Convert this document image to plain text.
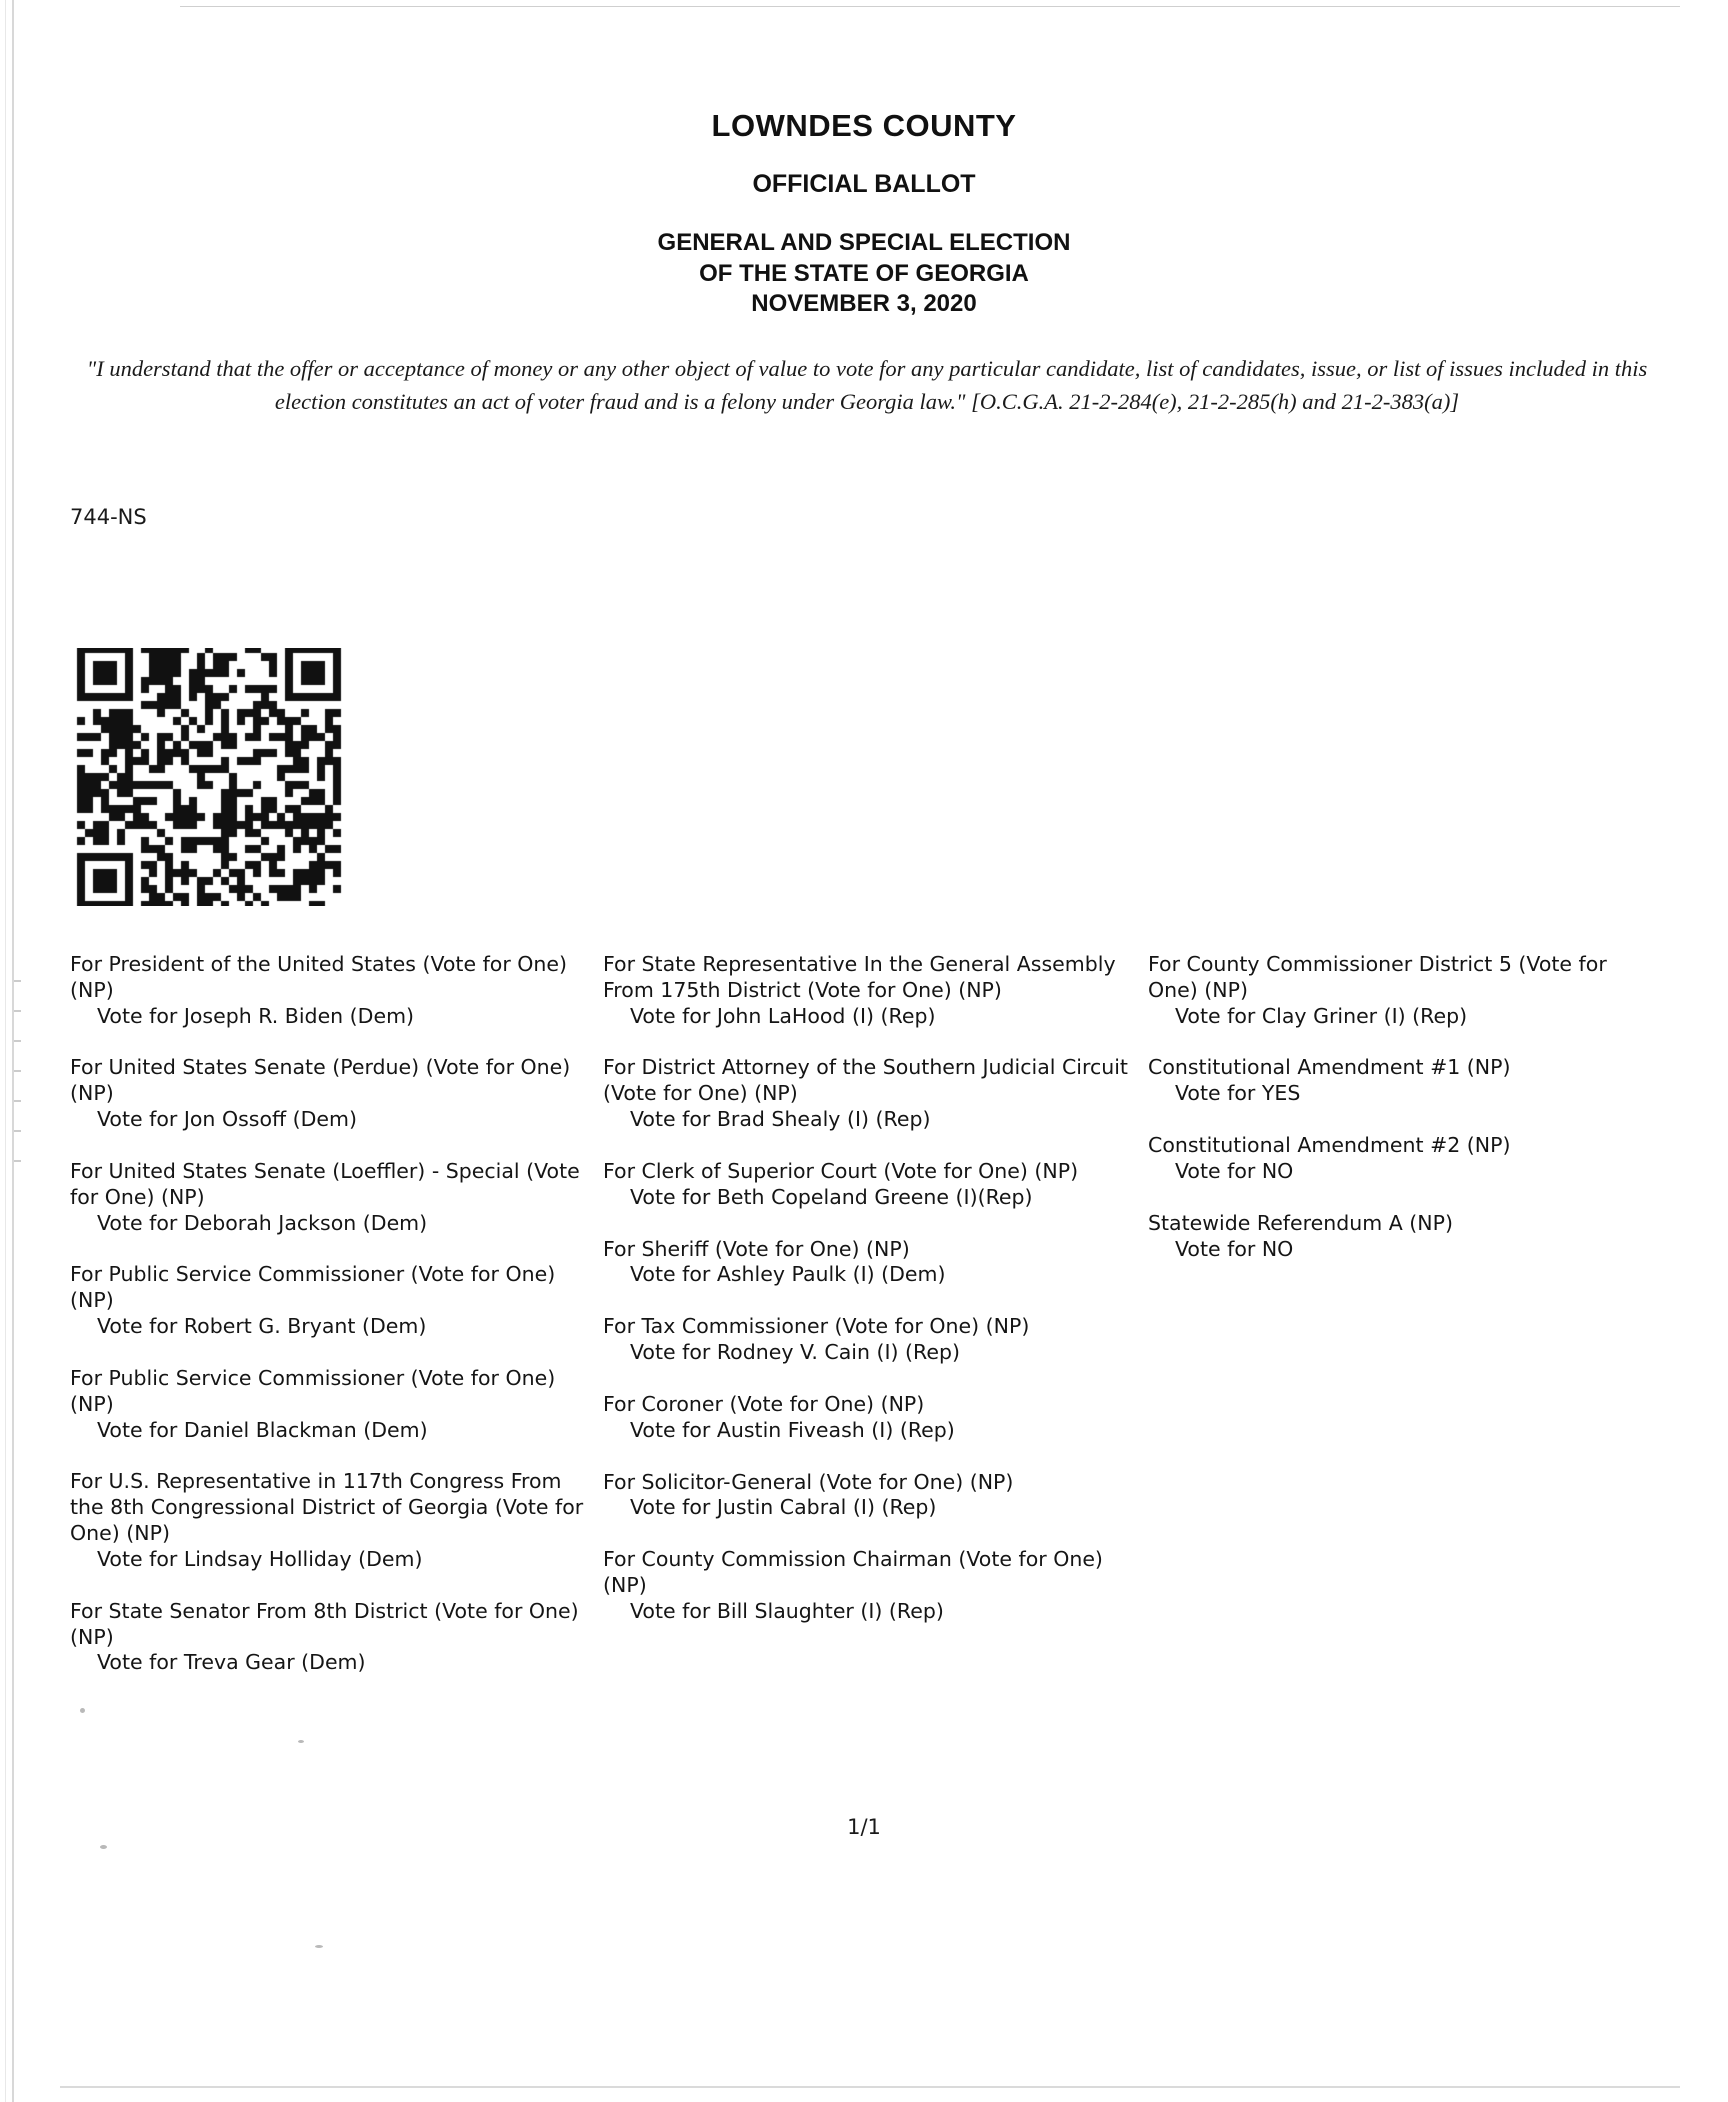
LOWNDES COUNTY
OFFICIAL BALLOT
GENERAL AND SPECIAL ELECTION
OF THE STATE OF GEORGIA
NOVEMBER 3, 2020
"I understand that the offer or acceptance of money or any other object of value to vote for any particular candidate, list of candidates, issue, or list of issues included in this election constitutes an act of voter fraud and is a felony under Georgia law." [O.C.G.A. 21-2-284(e), 21-2-285(h) and 21-2-383(a)]
744-NS
For President of the United States (Vote for One) (NP)
Vote for Joseph R. Biden (Dem)
For United States Senate (Perdue) (Vote for One) (NP)
Vote for Jon Ossoff (Dem)
For United States Senate (Loeffler) - Special (Vote for One) (NP)
Vote for Deborah Jackson (Dem)
For Public Service Commissioner (Vote for One) (NP)
Vote for Robert G. Bryant (Dem)
For Public Service Commissioner (Vote for One) (NP)
Vote for Daniel Blackman (Dem)
For U.S. Representative in 117th Congress From the 8th Congressional District of Georgia (Vote for One) (NP)
Vote for Lindsay Holliday (Dem)
For State Senator From 8th District (Vote for One) (NP)
Vote for Treva Gear (Dem)
For State Representative In the General Assembly From 175th District (Vote for One) (NP)
Vote for John LaHood (I) (Rep)
For District Attorney of the Southern Judicial Circuit (Vote for One) (NP)
Vote for Brad Shealy (I) (Rep)
For Clerk of Superior Court (Vote for One) (NP)
Vote for Beth Copeland Greene (I)(Rep)
For Sheriff (Vote for One) (NP)
Vote for Ashley Paulk (I) (Dem)
For Tax Commissioner (Vote for One) (NP)
Vote for Rodney V. Cain (I) (Rep)
For Coroner (Vote for One) (NP)
Vote for Austin Fiveash (I) (Rep)
For Solicitor-General (Vote for One) (NP)
Vote for Justin Cabral (I) (Rep)
For County Commission Chairman (Vote for One) (NP)
Vote for Bill Slaughter (I) (Rep)
For County Commissioner District 5 (Vote for One) (NP)
Vote for Clay Griner (I) (Rep)
Constitutional Amendment #1 (NP)
Vote for YES
Constitutional Amendment #2 (NP)
Vote for NO
Statewide Referendum A (NP)
Vote for NO
1/1
